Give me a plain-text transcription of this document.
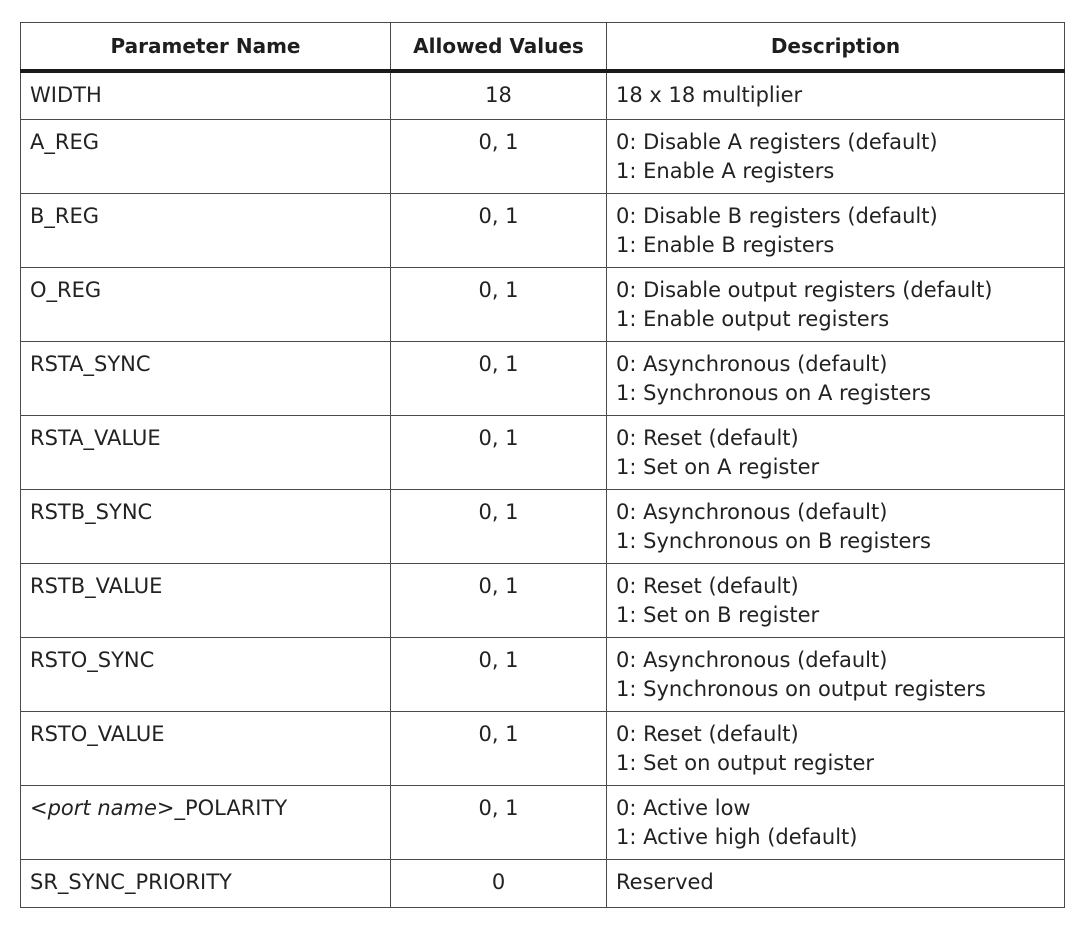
Parameter Name	Allowed Values	Description
WIDTH	18	18 x 18 multiplier

A_REG	0, 1	0: Disable A registers (default)
1: Enable A registers

B_REG	0, 1	0: Disable B registers (default)
1: Enable B registers

O_REG	0, 1	0: Disable output registers (default)
1: Enable output registers

RSTA_SYNC	0, 1	0: Asynchronous (default)
1: Synchronous on A registers

RSTA_VALUE	0, 1	0: Reset (default)
1: Set on A register

RSTB_SYNC	0, 1	0: Asynchronous (default)
1: Synchronous on B registers

RSTB_VALUE	0, 1	0: Reset (default)
1: Set on B register

RSTO_SYNC	0, 1	0: Asynchronous (default)
1: Synchronous on output registers

RSTO_VALUE	0, 1	0: Reset (default)
1: Set on output register

<port name>_POLARITY	0, 1	0: Active low
1: Active high (default)

SR_SYNC_PRIORITY	0	Reserved
